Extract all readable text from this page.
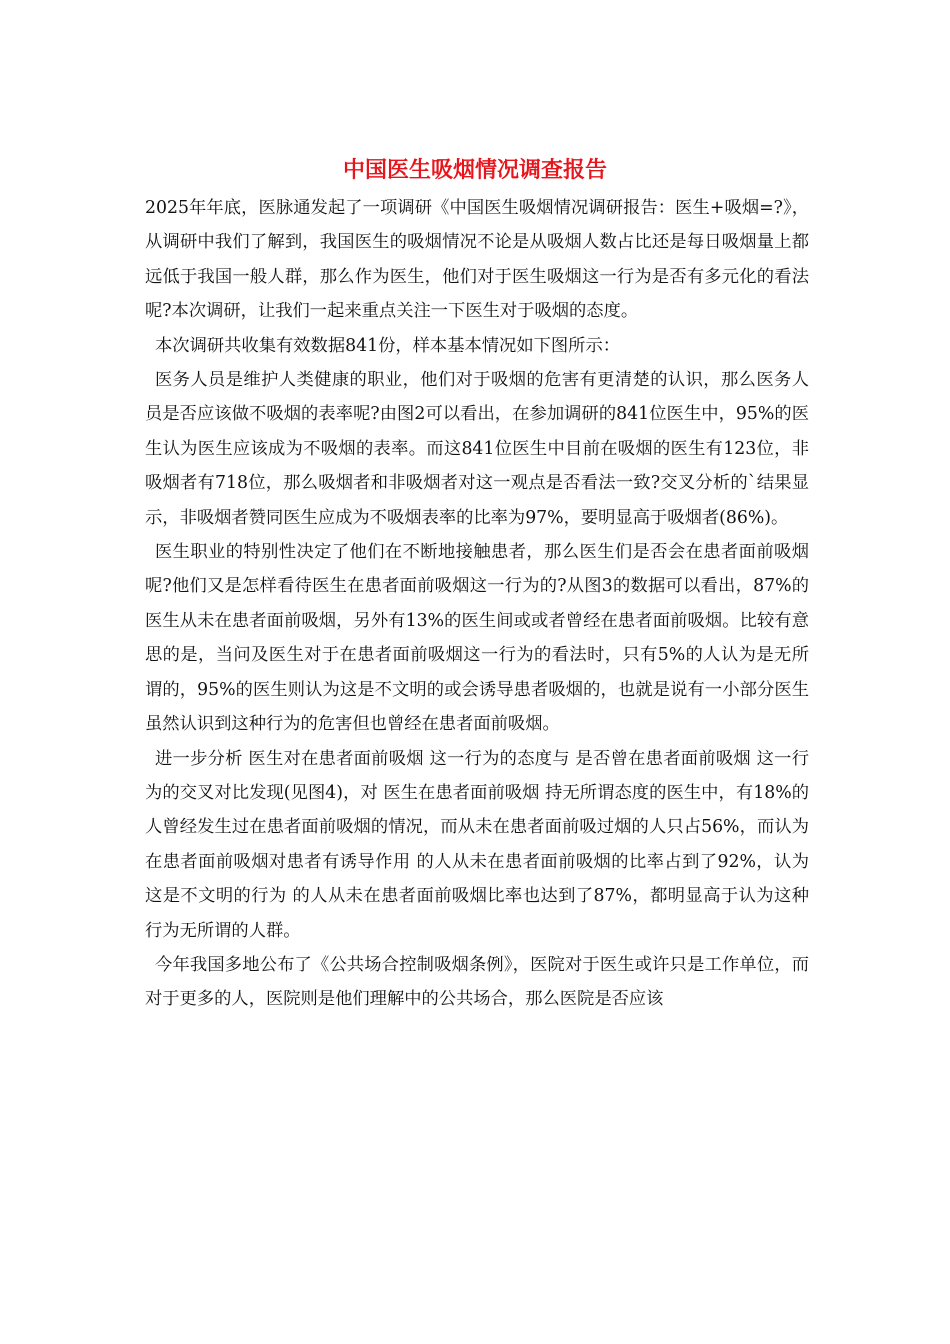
中国医生吸烟情况调查报告

2025年年底，医脉通发起了一项调研《中国医生吸烟情况调研报告：医生+吸烟=?》，从调研中我们了解到，我国医生的吸烟情况不论是从吸烟人数占比还是每日吸烟量上都远低于我国一般人群，那么作为医生，他们对于医生吸烟这一行为是否有多元化的看法呢?本次调研，让我们一起来重点关注一下医生对于吸烟的态度。

本次调研共收集有效数据841份，样本基本情况如下图所示：

医务人员是维护人类健康的职业，他们对于吸烟的危害有更清楚的认识，那么医务人员是否应该做不吸烟的表率呢?由图2可以看出，在参加调研的841位医生中，95%的医生认为医生应该成为不吸烟的表率。而这841位医生中目前在吸烟的医生有123位，非吸烟者有718位，那么吸烟者和非吸烟者对这一观点是否看法一致?交叉分析的`结果显示，非吸烟者赞同医生应成为不吸烟表率的比率为97%，要明显高于吸烟者(86%)。

医生职业的特别性决定了他们在不断地接触患者，那么医生们是否会在患者面前吸烟呢?他们又是怎样看待医生在患者面前吸烟这一行为的?从图3的数据可以看出，87%的医生从未在患者面前吸烟，另外有13%的医生间或或者曾经在患者面前吸烟。比较有意思的是，当问及医生对于在患者面前吸烟这一行为的看法时，只有5%的人认为是无所谓的，95%的医生则认为这是不文明的或会诱导患者吸烟的，也就是说有一小部分医生虽然认识到这种行为的危害但也曾经在患者面前吸烟。

进一步分析 医生对在患者面前吸烟 这一行为的态度与 是否曾在患者面前吸烟 这一行为的交叉对比发现(见图4)，对 医生在患者面前吸烟 持无所谓态度的医生中，有18%的人曾经发生过在患者面前吸烟的情况，而从未在患者面前吸过烟的人只占56%，而认为 在患者面前吸烟对患者有诱导作用 的人从未在患者面前吸烟的比率占到了92%，认为 这是不文明的行为 的人从未在患者面前吸烟比率也达到了87%，都明显高于认为这种行为无所谓的人群。

今年我国多地公布了《公共场合控制吸烟条例》，医院对于医生或许只是工作单位，而对于更多的人，医院则是他们理解中的公共场合，那么医院是否应该
